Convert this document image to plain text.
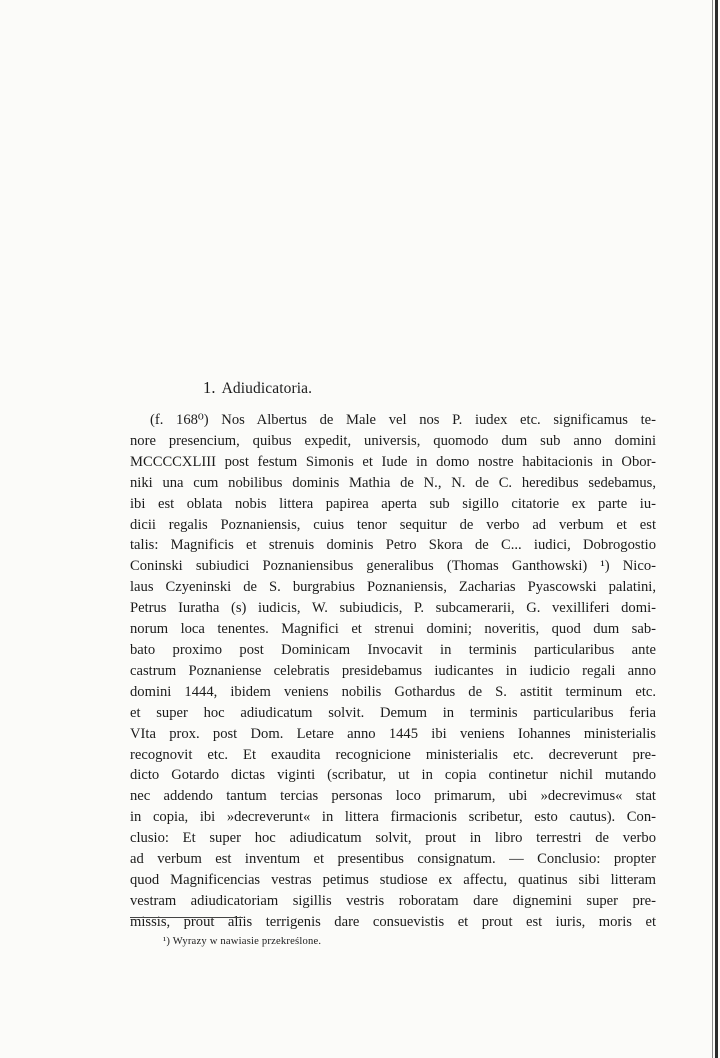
1. Adiudicatoria.
(f. 168⁰) Nos Albertus de Male vel nos P. iudex etc. significamus te-
nore presencium, quibus expedit, universis, quomodo dum sub anno domini
MCCCCXLIII post festum Simonis et Iude in domo nostre habitacionis in Obor-
niki una cum nobilibus dominis Mathia de N., N. de C. heredibus sedebamus,
ibi est oblata nobis littera papirea aperta sub sigillo citatorie ex parte iu-
dicii regalis Poznaniensis, cuius tenor sequitur de verbo ad verbum et est
talis: Magnificis et strenuis dominis Petro Skora de C... iudici, Dobrogostio
Coninski subiudici Poznaniensibus generalibus (Thomas Ganthowski) ¹) Nico-
laus Czyeninski de S. burgrabius Poznaniensis, Zacharias Pyascowski palatini,
Petrus Iuratha (s) iudicis, W. subiudicis, P. subcamerarii, G. vexilliferi domi-
norum loca tenentes. Magnifici et strenui domini; noveritis, quod dum sab-
bato proximo post Dominicam Invocavit in terminis particularibus ante
castrum Poznaniense celebratis presidebamus iudicantes in iudicio regali anno
domini 1444, ibidem veniens nobilis Gothardus de S. astitit terminum etc.
et super hoc adiudicatum solvit. Demum in terminis particularibus feria
VIta prox. post Dom. Letare anno 1445 ibi veniens Iohannes ministerialis
recognovit etc. Et exaudita recognicione ministerialis etc. decreverunt pre-
dicto Gotardo dictas viginti (scribatur, ut in copia continetur nichil mutando
nec addendo tantum tercias personas loco primarum, ubi »decrevimus« stat
in copia, ibi »decreverunt« in littera firmacionis scribetur, esto cautus). Con-
clusio: Et super hoc adiudicatum solvit, prout in libro terrestri de verbo
ad verbum est inventum et presentibus consignatum. — Conclusio: propter
quod Magnificencias vestras petimus studiose ex affectu, quatinus sibi litteram
vestram adiudicatoriam sigillis vestris roboratam dare dignemini super pre-
missis, prout aliis terrigenis dare consuevistis et prout est iuris, moris et
¹) Wyrazy w nawiasie przekreślone.
